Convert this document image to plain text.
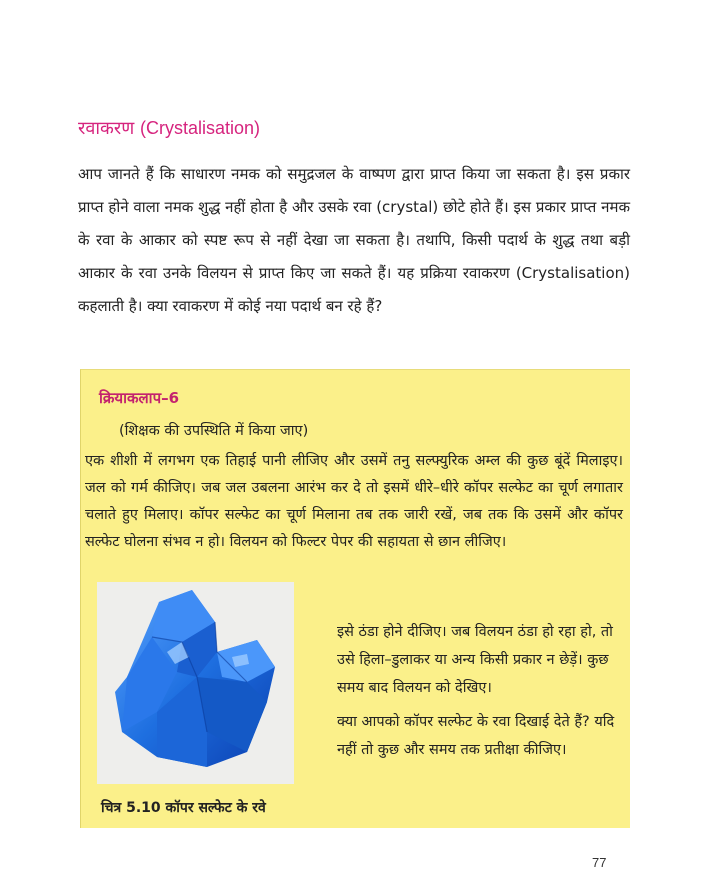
रवाकरण (Crystalisation)
आप जानते हैं कि साधारण नमक को समुद्रजल के वाष्पण द्वारा प्राप्त किया जा सकता है। इस प्रकार प्राप्त होने वाला नमक शुद्ध नहीं होता है और उसके रवा (crystal) छोटे होते हैं। इस प्रकार प्राप्त नमक के रवा के आकार को स्पष्ट रूप से नहीं देखा जा सकता है। तथापि, किसी पदार्थ के शुद्ध तथा बड़ी आकार के रवा उनके विलयन से प्राप्त किए जा सकते हैं। यह प्रक्रिया रवाकरण (Crystalisation) कहलाती है। क्या रवाकरण में कोई नया पदार्थ बन रहे हैं?
क्रियाकलाप–6
(शिक्षक की उपस्थिति में किया जाए)
एक शीशी में लगभग एक तिहाई पानी लीजिए और उसमें तनु सल्फ्युरिक अम्ल की कुछ बूंदें मिलाइए। जल को गर्म कीजिए। जब जल उबलना आरंभ कर दे तो इसमें धीरे–धीरे कॉपर सल्फेट का चूर्ण लगातार चलाते हुए मिलाए। कॉपर सल्फेट का चूर्ण मिलाना तब तक जारी रखें, जब तक कि उसमें और कॉपर सल्फेट घोलना संभव न हो। विलयन को फिल्टर पेपर की सहायता से छान लीजिए।
चित्र 5.10 कॉपर सल्फेट के रवे

इसे ठंडा होने दीजिए। जब विलयन ठंडा हो रहा हो, तो उसे हिला–डुलाकर या अन्य किसी प्रकार न छेड़ें। कुछ समय बाद विलयन को देखिए।

क्या आपको कॉपर सल्फेट के रवा दिखाई देते हैं? यदि नहीं तो कुछ और समय तक प्रतीक्षा कीजिए।

77
